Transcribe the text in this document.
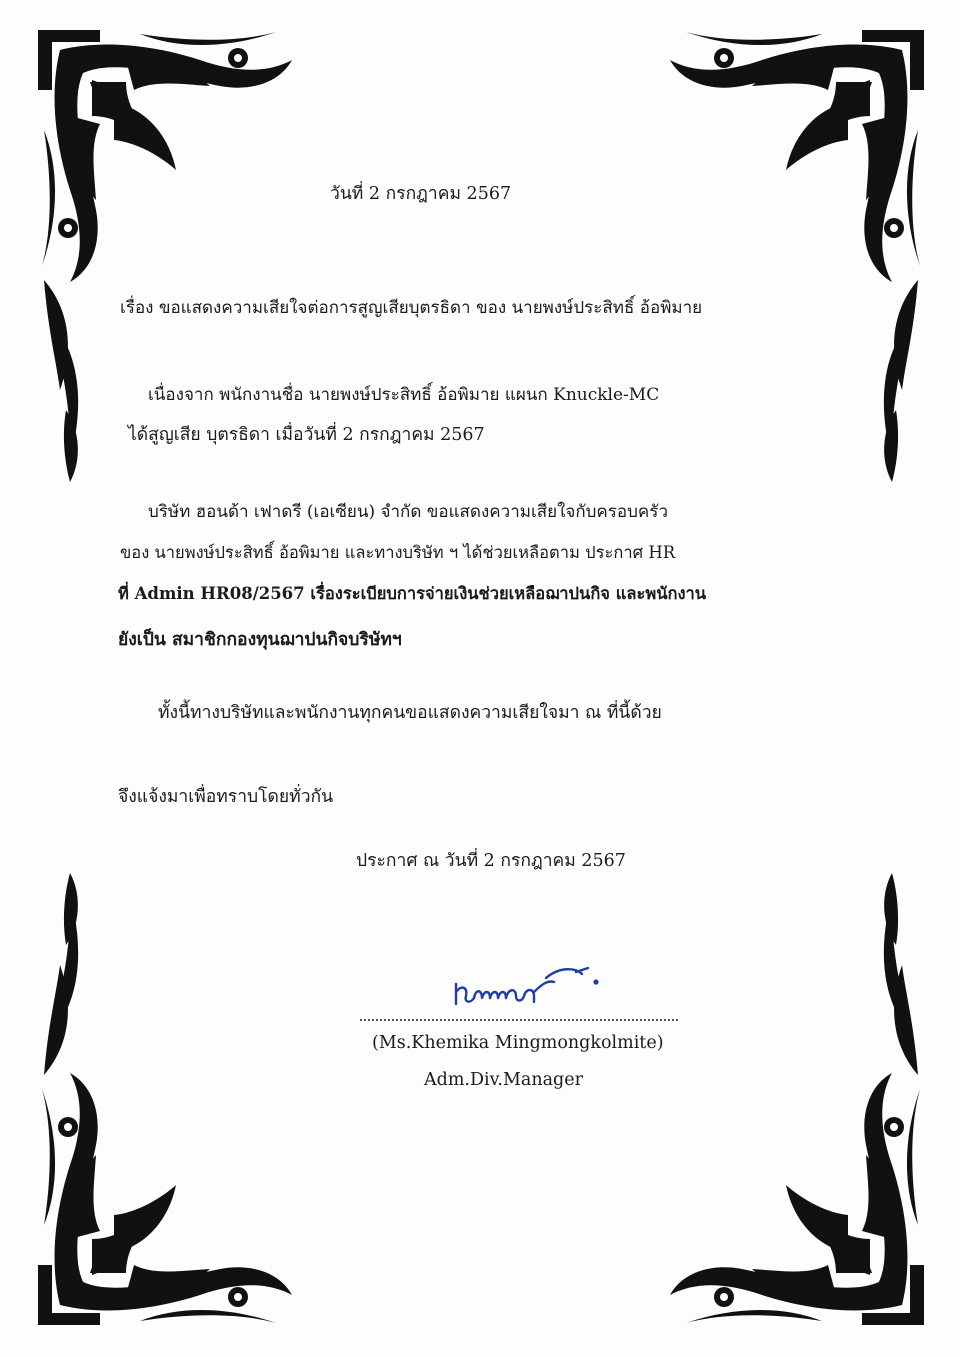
วันที่ 2 กรกฎาคม 2567
เรื่อง ขอแสดงความเสียใจต่อการสูญเสียบุตรธิดา ของ นายพงษ์ประสิทธิ์ อ้อพิมาย
เนื่องจาก พนักงานชื่อ นายพงษ์ประสิทธิ์ อ้อพิมาย แผนก Knuckle-MC
ได้สูญเสีย บุตรธิดา เมื่อวันที่ 2 กรกฎาคม 2567
บริษัท ฮอนด้า เฟาดรี (เอเซียน) จำกัด ขอแสดงความเสียใจกับครอบครัว
ของ นายพงษ์ประสิทธิ์ อ้อพิมาย และทางบริษัท ฯ ได้ช่วยเหลือตาม ประกาศ HR
ที่ Admin HR08/2567 เรื่องระเบียบการจ่ายเงินช่วยเหลือฌาปนกิจ และพนักงาน
ยังเป็น สมาชิกกองทุนฌาปนกิจบริษัทฯ
ทั้งนี้ทางบริษัทและพนักงานทุกคนขอแสดงความเสียใจมา ณ ที่นี้ด้วย
จึงแจ้งมาเพื่อทราบโดยทั่วกัน
ประกาศ ณ วันที่ 2 กรกฎาคม 2567
(Ms.Khemika Mingmongkolmite)
Adm.Div.Manager
